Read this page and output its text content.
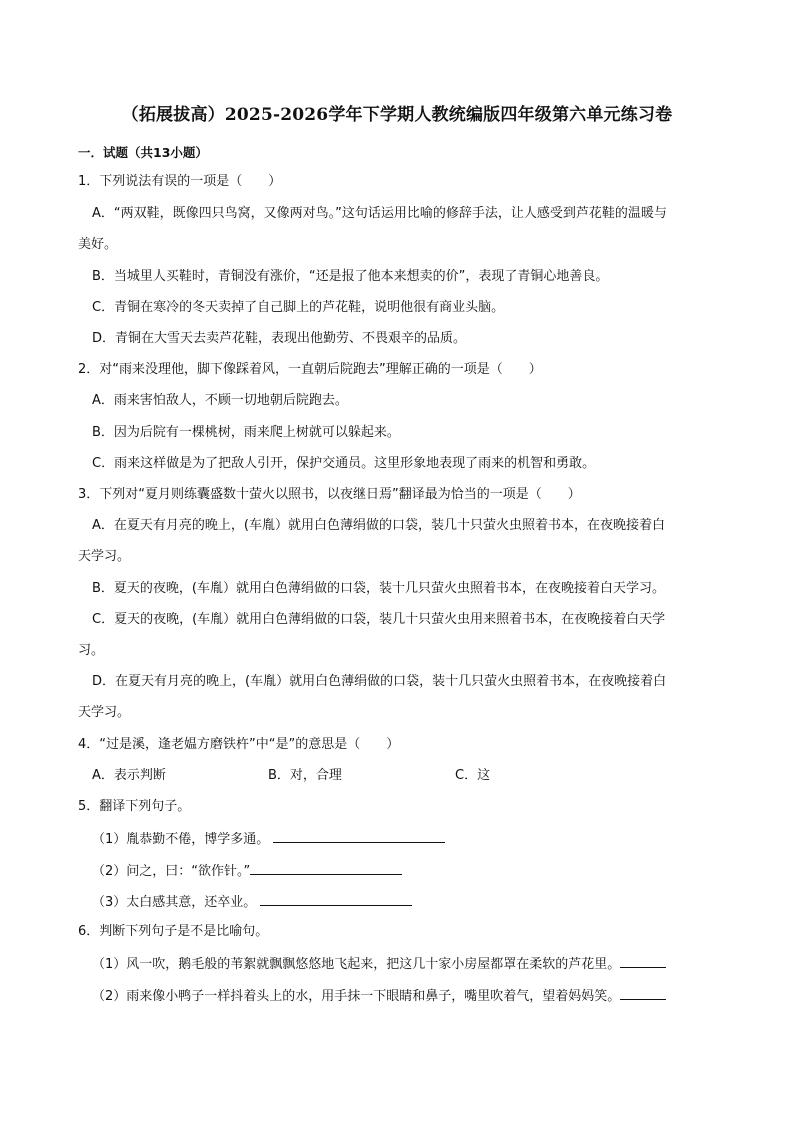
（拓展拔高）2025-2026学年下学期人教统编版四年级第六单元练习卷
一．试题（共13小题）
1．下列说法有误的一项是（　　）
A．“两双鞋，既像四只鸟窝，又像两对鸟。”这句话运用比喻的修辞手法，让人感受到芦花鞋的温暖与
美好。
B．当城里人买鞋时，青铜没有涨价，“还是报了他本来想卖的价”，表现了青铜心地善良。
C．青铜在寒冷的冬天卖掉了自己脚上的芦花鞋，说明他很有商业头脑。
D．青铜在大雪天去卖芦花鞋，表现出他勤劳、不畏艰辛的品质。
2．对“雨来没理他，脚下像踩着风，一直朝后院跑去”理解正确的一项是（　　）
A．雨来害怕敌人，不顾一切地朝后院跑去。
B．因为后院有一棵桃树，雨来爬上树就可以躲起来。
C．雨来这样做是为了把敌人引开，保护交通员。这里形象地表现了雨来的机智和勇敢。
3．下列对“夏月则练囊盛数十萤火以照书，以夜继日焉”翻译最为恰当的一项是（　　）
A．在夏天有月亮的晚上，(车胤）就用白色薄绢做的口袋，装几十只萤火虫照着书本，在夜晚接着白
天学习。
B．夏天的夜晚，(车胤）就用白色薄绢做的口袋，装十几只萤火虫照着书本，在夜晚接着白天学习。
C．夏天的夜晚，(车胤）就用白色薄绢做的口袋，装几十只萤火虫用来照着书本，在夜晚接着白天学
习。
D．在夏天有月亮的晚上，(车胤）就用白色薄绢做的口袋，装十几只萤火虫照着书本，在夜晚接着白
天学习。
4．“过是溪，逢老媪方磨铁杵”中“是”的意思是（　　）
A．表示判断	B．对，合理	C．这
5．翻译下列句子。
（1）胤恭勤不倦，博学多通。
（2）问之，曰：“欲作针。”
（3）太白感其意，还卒业。
6．判断下列句子是不是比喻句。
（1）风一吹，鹅毛般的苇絮就飘飘悠悠地飞起来，把这几十家小房屋都罩在柔软的芦花里。
（2）雨来像小鸭子一样抖着头上的水，用手抹一下眼睛和鼻子，嘴里吹着气，望着妈妈笑。
